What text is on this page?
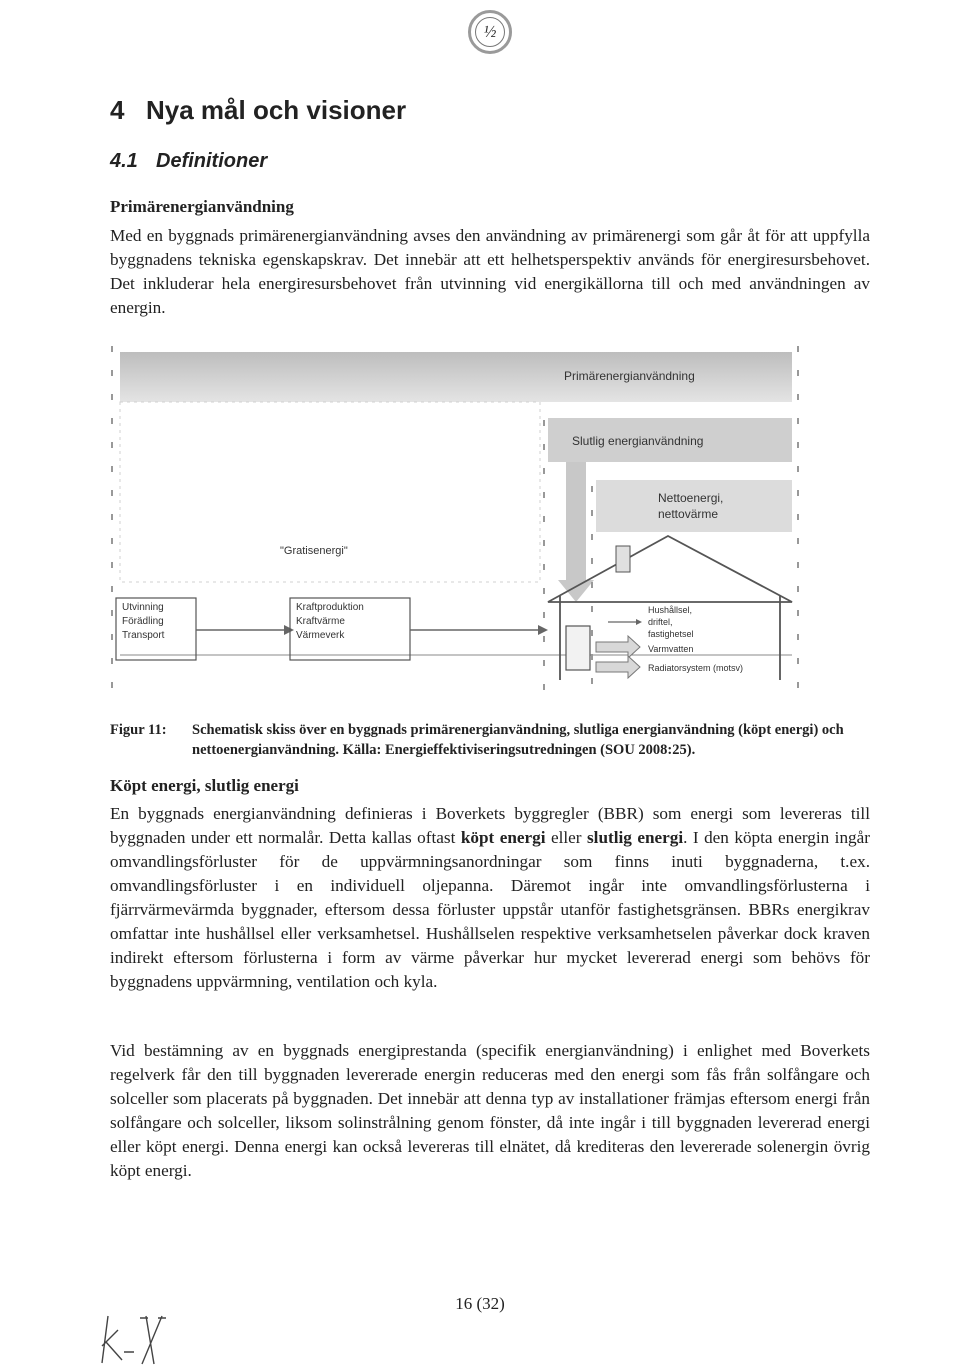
½
4 Nya mål och visioner
4.1 Definitioner
Primärenergianvändning

Med en byggnads primärenergianvändning avses den användning av primärenergi som går åt för att uppfylla byggnadens tekniska egenskapskrav. Det innebär att ett helhetsperspektiv används för energiresursbehovet. Det inkluderar hela energiresursbehovet från utvinning vid energikällorna till och med användningen av energin.

Utvinning
Förädling
Transport
Kraftproduktion
Kraftvärme
Värmeverk
"Gratisenergi"
Hushållsel,
driftel,
fastighetsel
Varmvatten
Radiatorsystem (motsv)
Primärenergianvändning
Slutlig energianvändning
Nettoenergi,
nettovärme
Figur 11: Schematisk skiss över en byggnads primärenergianvändning, slutliga energianvändning (köpt energi) och nettoenergianvändning. Källa: Energieffektiviseringsutredningen (SOU 2008:25).
Köpt energi, slutlig energi

En byggnads energianvändning definieras i Boverkets byggregler (BBR) som energi som levereras till byggnaden under ett normalår. Detta kallas oftast köpt energi eller slutlig energi. I den köpta energin ingår omvandlingsförluster för de uppvärmningsanordningar som finns inuti byggnaderna, t.ex. omvandlingsförluster i en individuell oljepanna. Däremot ingår inte omvandlingsförlusterna i fjärrvärmevärmda byggnader, eftersom dessa förluster uppstår utanför fastighetsgränsen. BBRs energikrav omfattar inte hushållsel eller verksamhetsel. Hushållselen respektive verksamhetselen påverkar dock kraven indirekt eftersom förlusterna i form av värme påverkar hur mycket levererad energi som behövs för byggnadens uppvärmning, ventilation och kyla.

Vid bestämning av en byggnads energiprestanda (specifik energianvändning) i enlighet med Boverkets regelverk får den till byggnaden levererade energin reduceras med den energi som fås från solfångare och solceller som placerats på byggnaden. Det innebär att denna typ av installationer främjas eftersom energi från solfångare och solceller, liksom solinstrålning genom fönster, då inte ingår i till byggnaden levererad energi eller köpt energi. Denna energi kan också levereras till elnätet, då krediteras den levererade solenergin övrig köpt energi.

16 (32)
